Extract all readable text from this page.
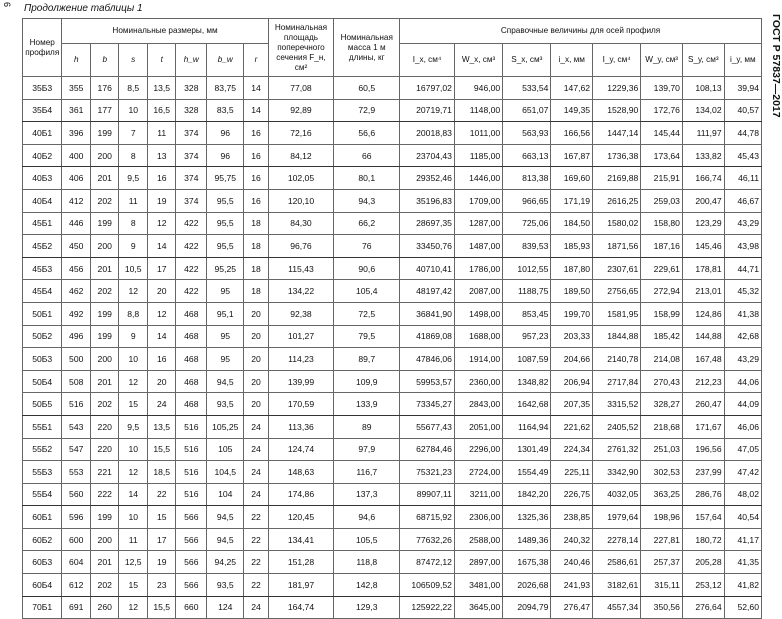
6 Продолжение таблицы 1
ГОСТ Р 57837—2017
Номер профиля	Номинальные размеры, мм							Номинальная площадь поперечного сечения F_н, см²	Номинальная масса 1 м длины, кг	Справочные величины для осей профиля							
	h	b	s	t	h_w	b_w	r			I_x, см⁴	W_x, см³	S_x, см³	i_x, мм	I_y, см⁴	W_y, см³	S_y, см³	i_y, мм
35Б3	355	176	8,5	13,5	328	83,75	14	77,08	60,5	16797,02	946,00	533,54	147,62	1229,36	139,70	108,13	39,94
35Б4	361	177	10	16,5	328	83,5	14	92,89	72,9	20719,71	1148,00	651,07	149,35	1528,90	172,76	134,02	40,57
40Б1	396	199	7	11	374	96	16	72,16	56,6	20018,83	1011,00	563,93	166,56	1447,14	145,44	111,97	44,78
40Б2	400	200	8	13	374	96	16	84,12	66	23704,43	1185,00	663,13	167,87	1736,38	173,64	133,82	45,43
40Б3	406	201	9,5	16	374	95,75	16	102,05	80,1	29352,46	1446,00	813,38	169,60	2169,88	215,91	166,74	46,11
40Б4	412	202	11	19	374	95,5	16	120,10	94,3	35196,83	1709,00	966,65	171,19	2616,25	259,03	200,47	46,67
45Б1	446	199	8	12	422	95,5	18	84,30	66,2	28697,35	1287,00	725,06	184,50	1580,02	158,80	123,29	43,29
45Б2	450	200	9	14	422	95,5	18	96,76	76	33450,76	1487,00	839,53	185,93	1871,56	187,16	145,46	43,98
45Б3	456	201	10,5	17	422	95,25	18	115,43	90,6	40710,41	1786,00	1012,55	187,80	2307,61	229,61	178,81	44,71
45Б4	462	202	12	20	422	95	18	134,22	105,4	48197,42	2087,00	1188,75	189,50	2756,65	272,94	213,01	45,32
50Б1	492	199	8,8	12	468	95,1	20	92,38	72,5	36841,90	1498,00	853,45	199,70	1581,95	158,99	124,86	41,38
50Б2	496	199	9	14	468	95	20	101,27	79,5	41869,08	1688,00	957,23	203,33	1844,88	185,42	144,88	42,68
50Б3	500	200	10	16	468	95	20	114,23	89,7	47846,06	1914,00	1087,59	204,66	2140,78	214,08	167,48	43,29
50Б4	508	201	12	20	468	94,5	20	139,99	109,9	59953,57	2360,00	1348,82	206,94	2717,84	270,43	212,23	44,06
50Б5	516	202	15	24	468	93,5	20	170,59	133,9	73345,27	2843,00	1642,68	207,35	3315,52	328,27	260,47	44,09
55Б1	543	220	9,5	13,5	516	105,25	24	113,36	89	55677,43	2051,00	1164,94	221,62	2405,52	218,68	171,67	46,06
55Б2	547	220	10	15,5	516	105	24	124,74	97,9	62784,46	2296,00	1301,49	224,34	2761,32	251,03	196,56	47,05
55Б3	553	221	12	18,5	516	104,5	24	148,63	116,7	75321,23	2724,00	1554,49	225,11	3342,90	302,53	237,99	47,42
55Б4	560	222	14	22	516	104	24	174,86	137,3	89907,11	3211,00	1842,20	226,75	4032,05	363,25	286,76	48,02
60Б1	596	199	10	15	566	94,5	22	120,45	94,6	68715,92	2306,00	1325,36	238,85	1979,64	198,96	157,64	40,54
60Б2	600	200	11	17	566	94,5	22	134,41	105,5	77632,26	2588,00	1489,36	240,32	2278,14	227,81	180,72	41,17
60Б3	604	201	12,5	19	566	94,25	22	151,28	118,8	87472,12	2897,00	1675,38	240,46	2586,61	257,37	205,28	41,35
60Б4	612	202	15	23	566	93,5	22	181,97	142,8	106509,52	3481,00	2026,68	241,93	3182,61	315,11	253,12	41,82
70Б1	691	260	12	15,5	660	124	24	164,74	129,3	125922,22	3645,00	2094,79	276,47	4557,34	350,56	276,64	52,60
